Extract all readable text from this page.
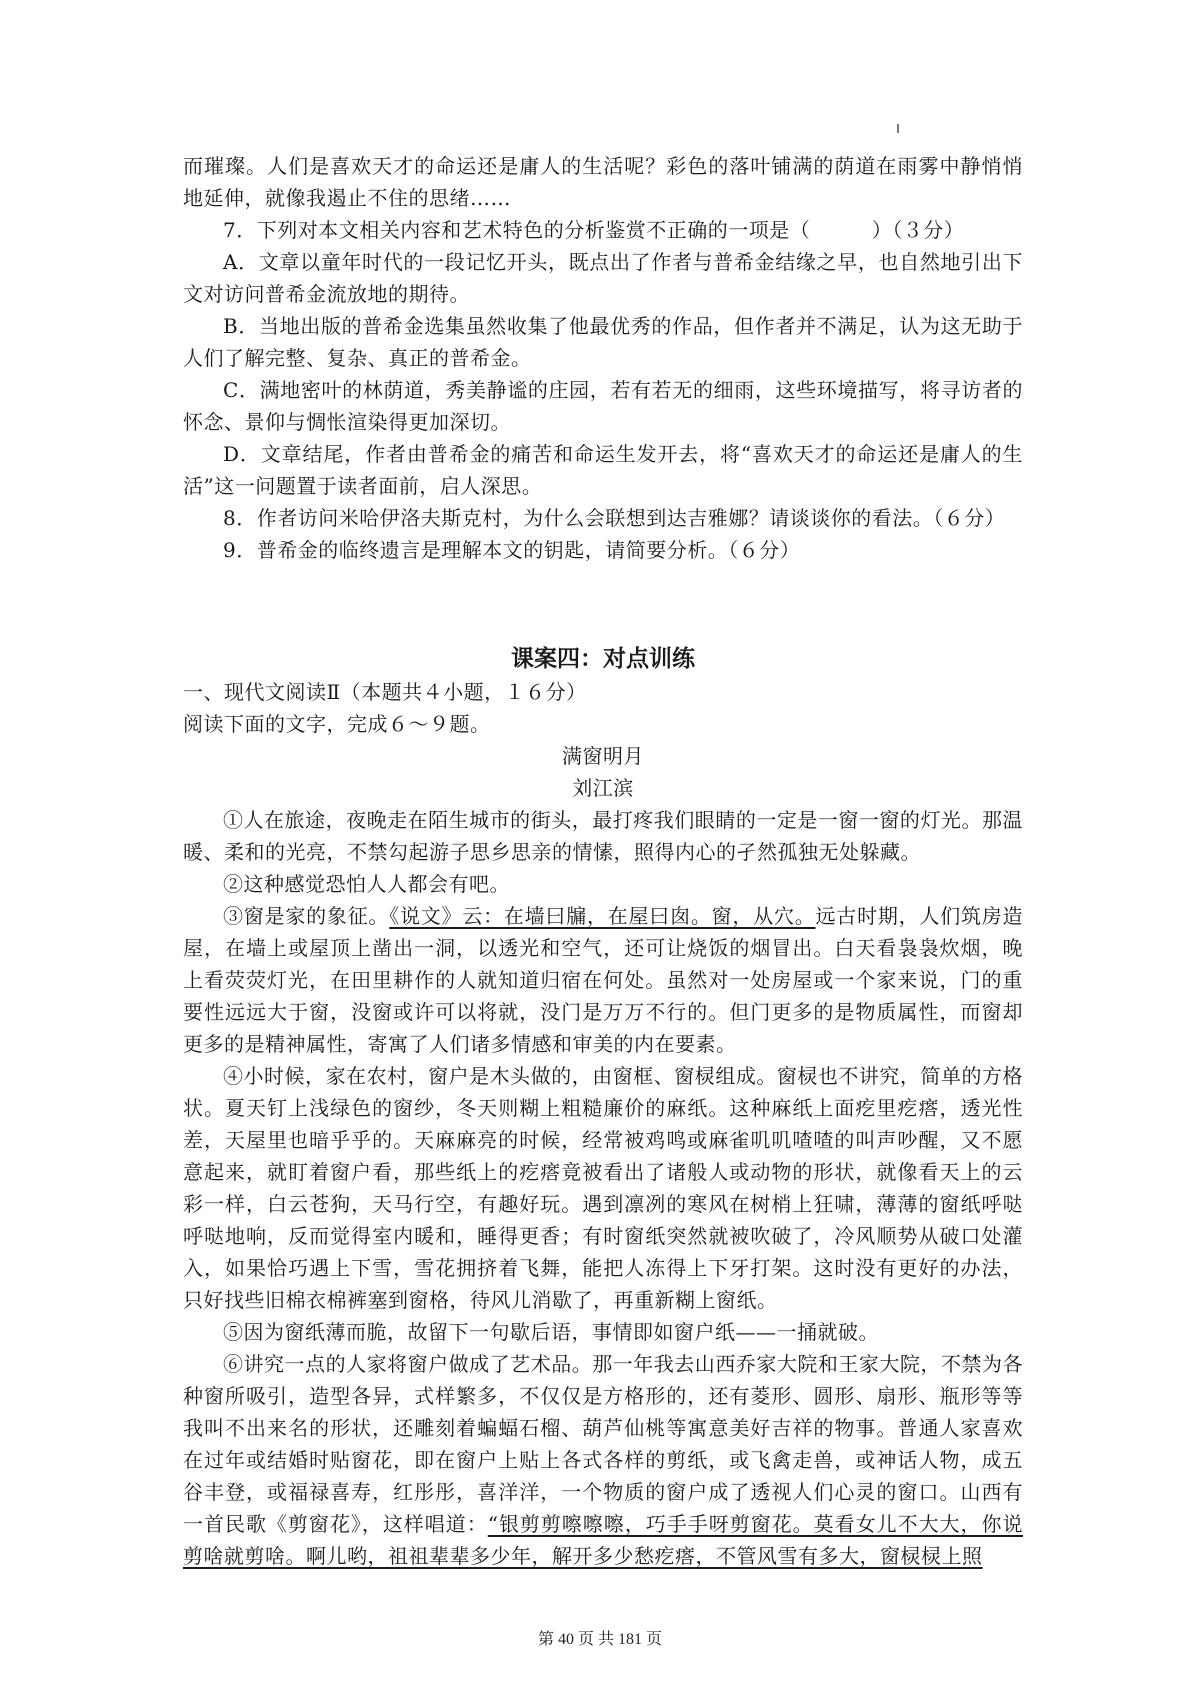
而璀璨。人们是喜欢天才的命运还是庸人的生活呢？彩色的落叶铺满的荫道在雨雾中静悄悄地延伸，就像我遏止不住的思绪……

7．下列对本文相关内容和艺术特色的分析鉴赏不正确的一项是（　　　）（３分）

A．文章以童年时代的一段记忆开头，既点出了作者与普希金结缘之早，也自然地引出下文对访问普希金流放地的期待。

B．当地出版的普希金选集虽然收集了他最优秀的作品，但作者并不满足，认为这无助于人们了解完整、复杂、真正的普希金。

C．满地密叶的林荫道，秀美静谧的庄园，若有若无的细雨，这些环境描写，将寻访者的怀念、景仰与惆怅渲染得更加深切。

D．文章结尾，作者由普希金的痛苦和命运生发开去，将“喜欢天才的命运还是庸人的生活”这一问题置于读者面前，启人深思。

8．作者访问米哈伊洛夫斯克村，为什么会联想到达吉雅娜？请谈谈你的看法。（６分）

9．普希金的临终遗言是理解本文的钥匙，请简要分析。（６分）

课案四：对点训练

一、现代文阅读Ⅱ（本题共４小题，１６分）

阅读下面的文字，完成６～９题。

满窗明月

刘江滨

①人在旅途，夜晚走在陌生城市的街头，最打疼我们眼睛的一定是一窗一窗的灯光。那温暖、柔和的光亮，不禁勾起游子思乡思亲的情愫，照得内心的孑然孤独无处躲藏。

②这种感觉恐怕人人都会有吧。

③窗是家的象征。《说文》云：在墙曰牖，在屋曰囱。窗，从穴。远古时期，人们筑房造屋，在墙上或屋顶上凿出一洞，以透光和空气，还可让烧饭的烟冒出。白天看袅袅炊烟，晚上看荧荧灯光，在田里耕作的人就知道归宿在何处。虽然对一处房屋或一个家来说，门的重要性远远大于窗，没窗或许可以将就，没门是万万不行的。但门更多的是物质属性，而窗却更多的是精神属性，寄寓了人们诸多情感和审美的内在要素。

④小时候，家在农村，窗户是木头做的，由窗框、窗棂组成。窗棂也不讲究，简单的方格状。夏天钉上浅绿色的窗纱，冬天则糊上粗糙廉价的麻纸。这种麻纸上面疙里疙瘩，透光性差，天屋里也暗乎乎的。天麻麻亮的时候，经常被鸡鸣或麻雀叽叽喳喳的叫声吵醒，又不愿意起来，就盯着窗户看，那些纸上的疙瘩竟被看出了诸般人或动物的形状，就像看天上的云彩一样，白云苍狗，天马行空，有趣好玩。遇到凛冽的寒风在树梢上狂啸，薄薄的窗纸呼哒呼哒地响，反而觉得室内暖和，睡得更香；有时窗纸突然就被吹破了，冷风顺势从破口处灌入，如果恰巧遇上下雪，雪花拥挤着飞舞，能把人冻得上下牙打架。这时没有更好的办法，只好找些旧棉衣棉裤塞到窗格，待风儿消歇了，再重新糊上窗纸。

⑤因为窗纸薄而脆，故留下一句歇后语，事情即如窗户纸——一捅就破。

⑥讲究一点的人家将窗户做成了艺术品。那一年我去山西乔家大院和王家大院，不禁为各种窗所吸引，造型各异，式样繁多，不仅仅是方格形的，还有菱形、圆形、扇形、瓶形等等我叫不出来名的形状，还雕刻着蝙蝠石榴、葫芦仙桃等寓意美好吉祥的物事。普通人家喜欢在过年或结婚时贴窗花，即在窗户上贴上各式各样的剪纸，或飞禽走兽，或神话人物，成五谷丰登，或福禄喜寿，红彤彤，喜洋洋，一个物质的窗户成了透视人们心灵的窗口。山西有一首民歌《剪窗花》，这样唱道：“银剪剪嚓嚓嚓，巧手手呀剪窗花。莫看女儿不大大，你说剪啥就剪啥。啊儿哟，祖祖辈辈多少年，解开多少愁疙瘩，不管风雪有多大，窗棂棂上照

第 40 页 共 181 页
